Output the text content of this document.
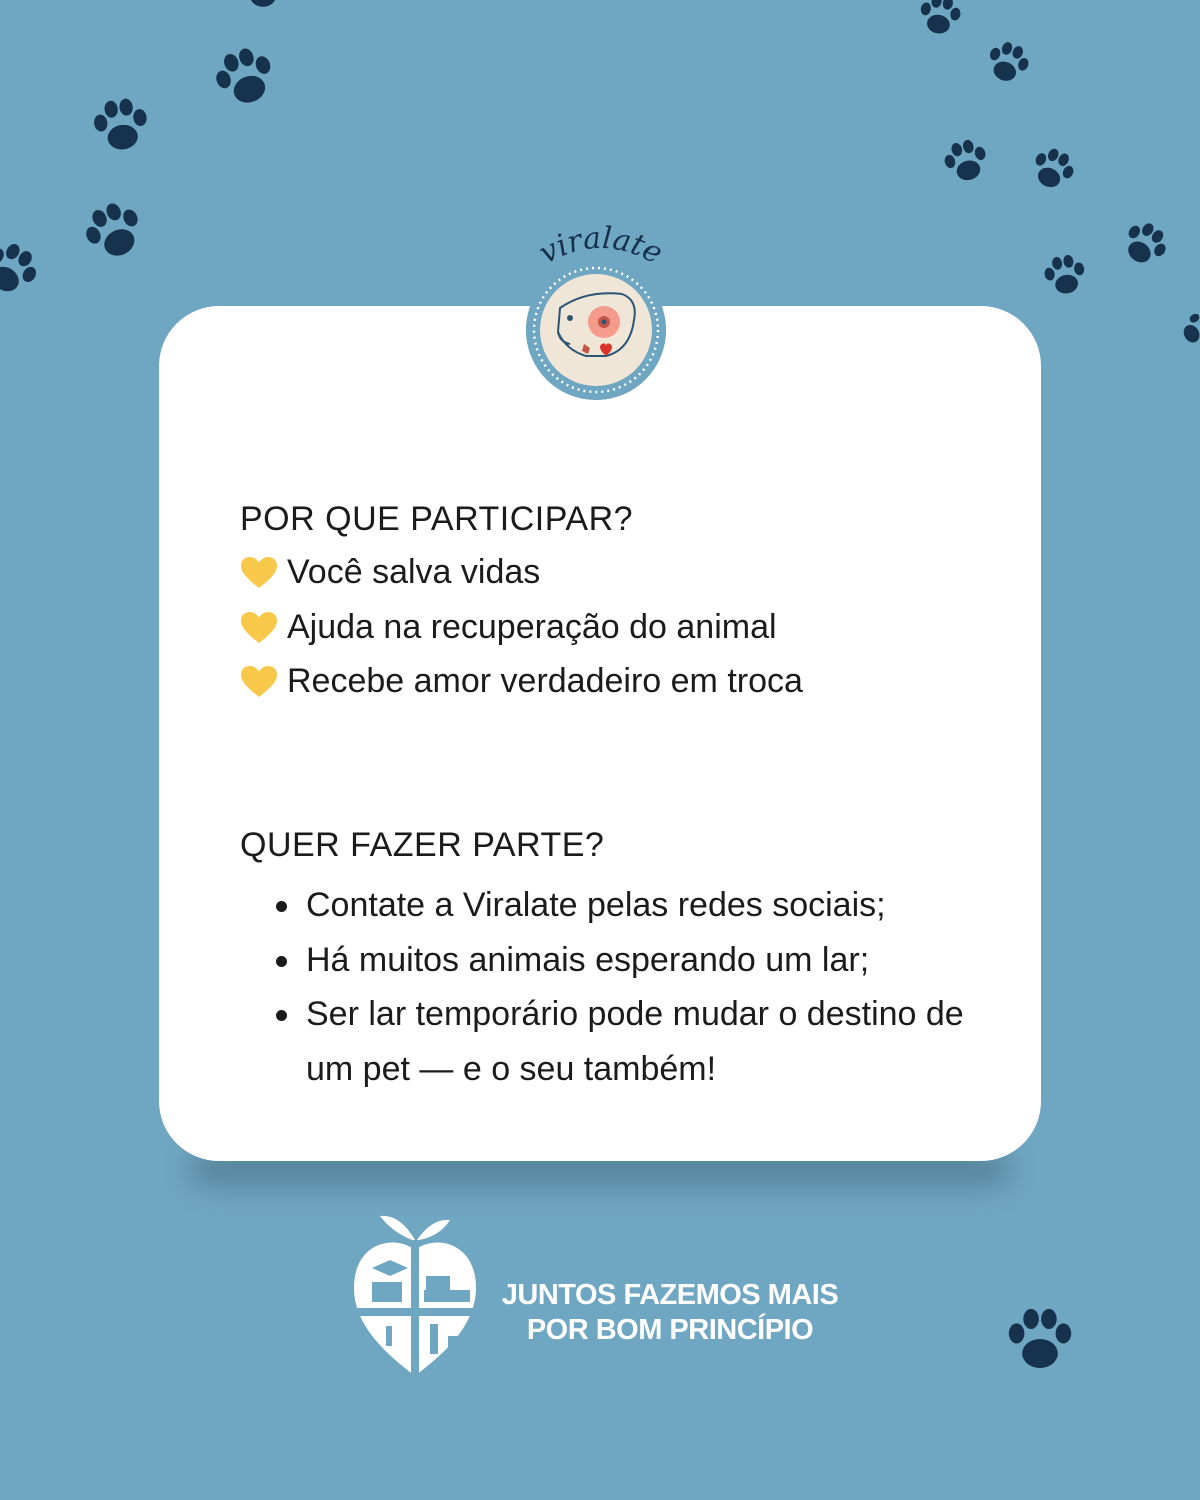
viralate
POR QUE PARTICIPAR?
Você salva vidas
Ajuda na recuperação do animal
Recebe amor verdadeiro em troca
QUER FAZER PARTE?
Contate a Viralate pelas redes sociais;
Há muitos animais esperando um lar;
Ser lar temporário pode mudar o destino de um pet — e o seu também!
JUNTOS FAZEMOS MAIS
POR BOM PRINCÍPIO
